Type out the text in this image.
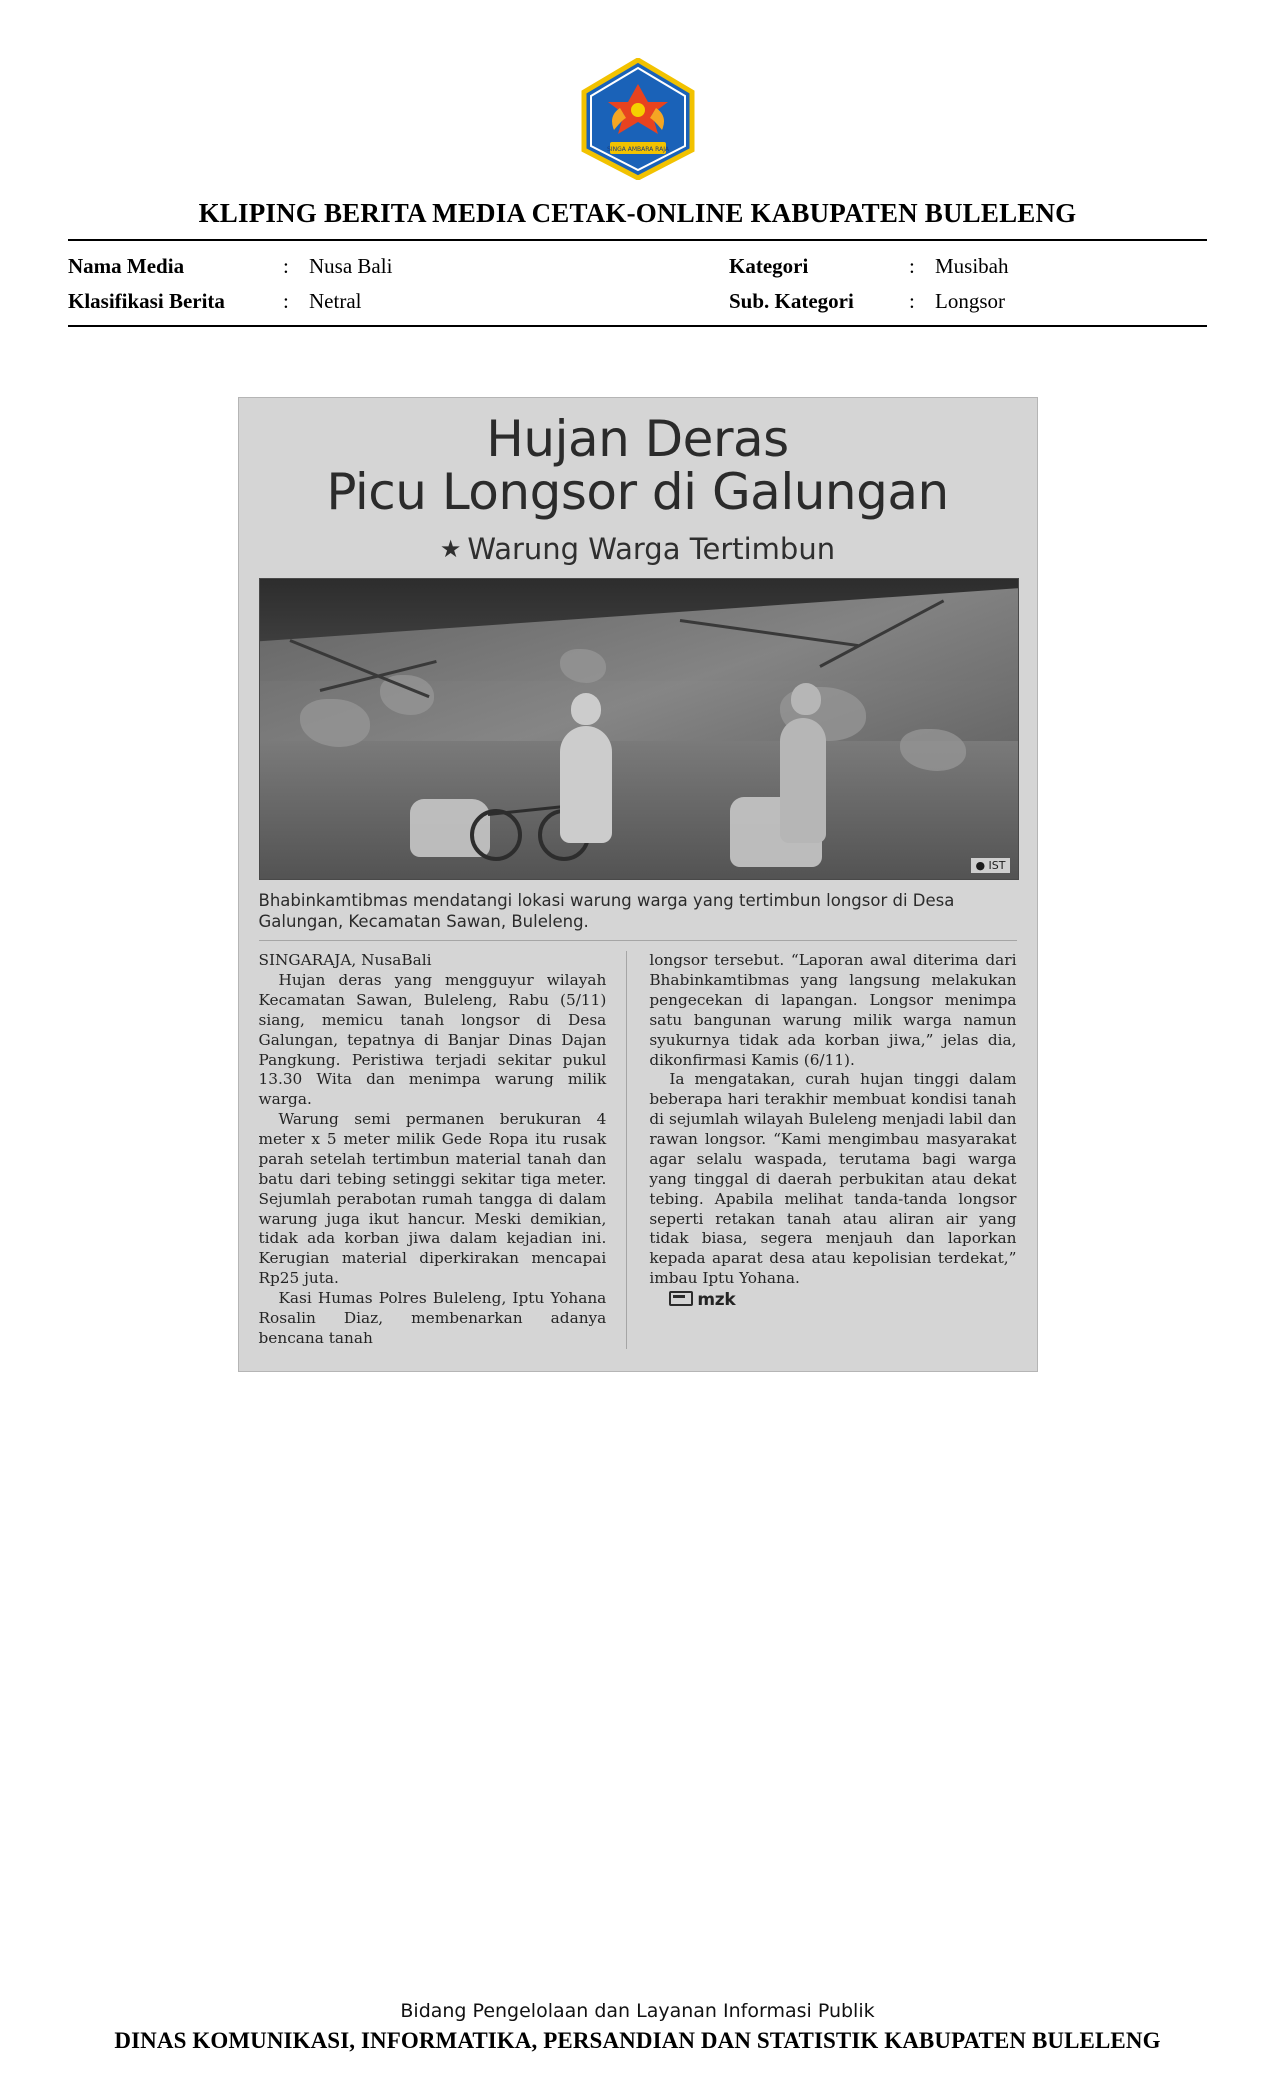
SINGA AMBARA RAJA
KLIPING BERITA MEDIA CETAK-ONLINE KABUPATEN BULELENG
Nama Media	:	Nusa Bali	Kategori	:	Musibah
Klasifikasi Berita	:	Netral	Sub. Kategori	:	Longsor
Hujan Deras
Picu Longsor di Galungan
★ Warung Warga Tertimbun
● IST
Bhabinkamtibmas mendatangi lokasi warung warga yang tertimbun longsor di Desa Galungan, Kecamatan Sawan, Buleleng.

SINGARAJA, NusaBali

Hujan deras yang mengguyur wilayah Kecamatan Sawan, Buleleng, Rabu (5/11) siang, memicu tanah longsor di Desa Galungan, tepatnya di Banjar Dinas Dajan Pangkung. Peristiwa terjadi sekitar pukul 13.30 Wita dan menimpa warung milik warga.

Warung semi permanen berukuran 4 meter x 5 meter milik Gede Ropa itu rusak parah setelah tertimbun material tanah dan batu dari tebing setinggi sekitar tiga meter. Sejumlah perabotan rumah tangga di dalam warung juga ikut hancur. Meski demikian, tidak ada korban jiwa dalam kejadian ini. Kerugian material diperkirakan mencapai Rp25 juta.

Kasi Humas Polres Buleleng, Iptu Yohana Rosalin Diaz, membenarkan adanya bencana tanah

longsor tersebut. “Laporan awal diterima dari Bhabinkamtibmas yang langsung melakukan pengecekan di lapangan. Longsor menimpa satu bangunan warung milik warga namun syukurnya tidak ada korban jiwa,” jelas dia, dikonfirmasi Kamis (6/11).

Ia mengatakan, curah hujan tinggi dalam beberapa hari terakhir membuat kondisi tanah di sejumlah wilayah Buleleng menjadi labil dan rawan longsor. “Kami mengimbau masyarakat agar selalu waspada, terutama bagi warga yang tinggal di daerah perbukitan atau dekat tebing. Apabila melihat tanda-tanda longsor seperti retakan tanah atau aliran air yang tidak biasa, segera menjauh dan laporkan kepada aparat desa atau kepolisian terdekat,” imbau Iptu Yohana.

mzk

Bidang Pengelolaan dan Layanan Informasi Publik
DINAS KOMUNIKASI, INFORMATIKA, PERSANDIAN DAN STATISTIK KABUPATEN BULELENG
